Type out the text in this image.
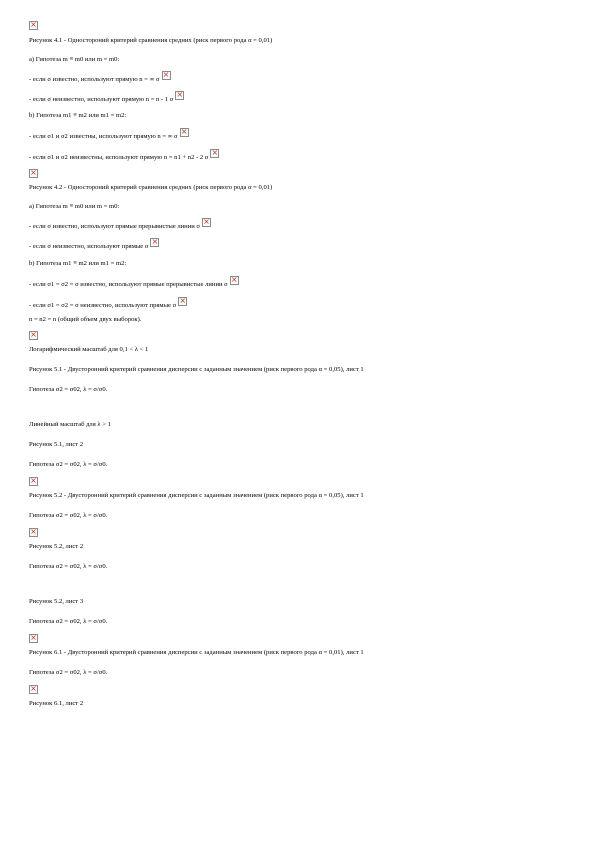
×
Рисунок 4.1 - Одностороний критерий сравнения средних (риск первого рода α = 0,01)
a) Гипотеза m ≡ m0 или m = m0:
- если σ известно, используют прямую n = ∞ σ
×
- если σ неизвестно, используют прямую n = n - 1 σ
×
b) Гипотеза m1 ≡ m2 или m1 = m2:
- если σ1 и σ2 известны, используют прямую n = ∞ σ
×
- если σ1 и σ2 неизвестны, используют прямую n = n1 + n2 - 2 σ
×
×
Рисунок 4.2 - Одностороний критерий сравнения средних (риск первого рода α = 0,01)
a) Гипотеза m ≡ m0 или m = m0:
- если σ известно, используют прямые прерывистые линии σ
×
- если σ неизвестно, используют прямые σ
×
b) Гипотеза m1 ≡ m2 или m1 = m2:
- если σ1 = σ2 = σ известно, используют прямые прерывистые линии σ
×
- если σ1 = σ2 = σ неизвестно, используют прямые σ
×
n = n2 = n (общий объем двух выборок).
×
Логарифмический масштаб для 0,1 < λ < 1
Рисунок 5.1 - Двусторонний критерий сравнения дисперсии с заданным значением (риск первого рода α = 0,05), лист 1
Гипотеза σ2 = σ02, λ = σ/σ0.
Линейный масштаб для λ > 1
Рисунок 5.1, лист 2
Гипотеза σ2 = σ02, λ = σ/σ0.
×
Рисунок 5.2 - Двусторонний критерий сравнения дисперсии с заданным значением (риск первого рода α = 0,05), лист 1
Гипотеза σ2 = σ02, λ = σ/σ0.
×
Рисунок 5.2, лист 2
Гипотеза σ2 = σ02, λ = σ/σ0.
Рисунок 5.2, лист 3
Гипотеза σ2 = σ02, λ = σ/σ0.
×
Рисунок 6.1 - Двусторонний критерий сравнения дисперсии с заданным значением (риск первого рода α = 0,01), лист 1
Гипотеза σ2 = σ02, λ = σ/σ0.
×
Рисунок 6.1, лист 2
